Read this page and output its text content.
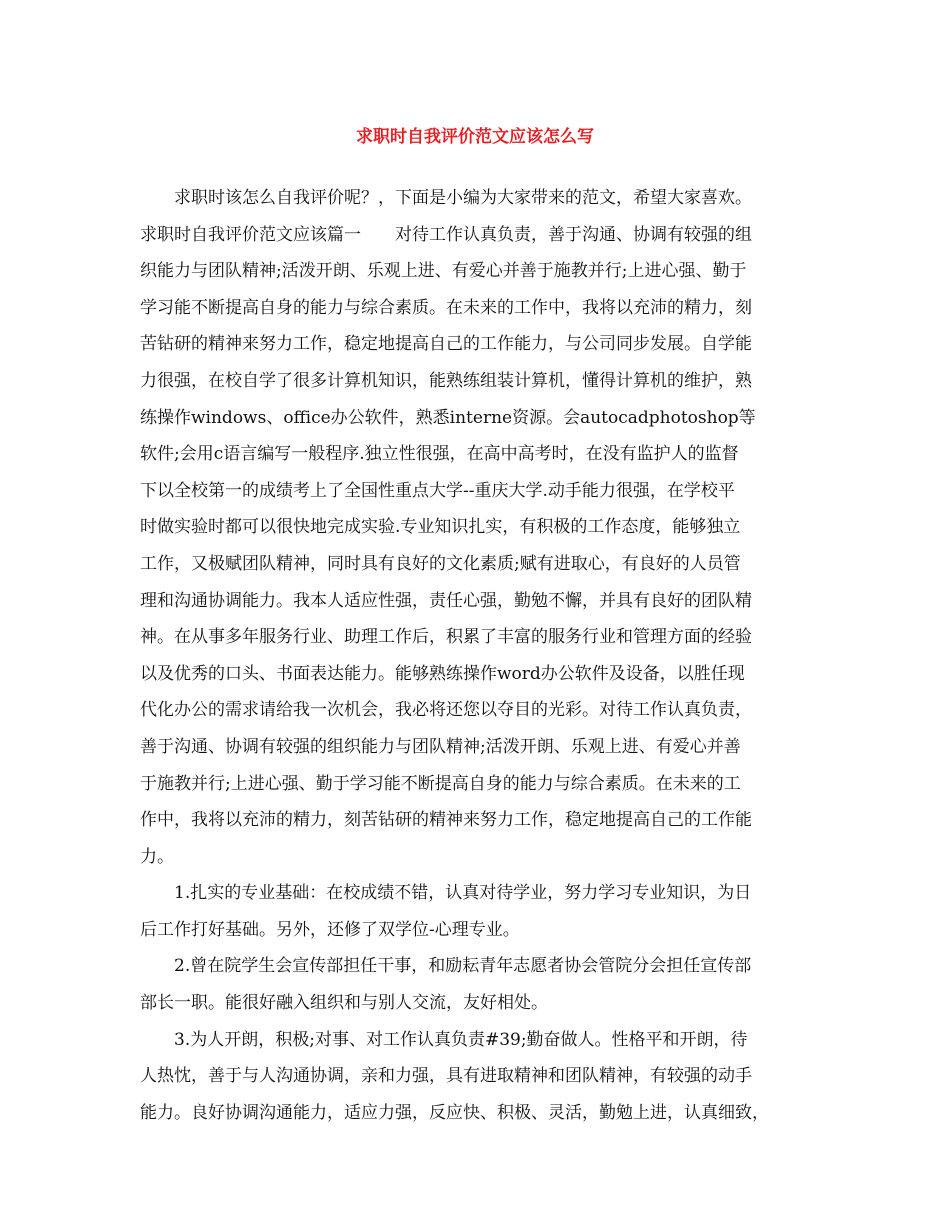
求职时自我评价范文应该怎么写
　　求职时该怎么自我评价呢？，下面是小编为大家带来的范文，希望大家喜欢。
求职时自我评价范文应该篇一　　对待工作认真负责，善于沟通、协调有较强的组
织能力与团队精神;活泼开朗、乐观上进、有爱心并善于施教并行;上进心强、勤于
学习能不断提高自身的能力与综合素质。在未来的工作中，我将以充沛的精力，刻
苦钻研的精神来努力工作，稳定地提高自己的工作能力，与公司同步发展。自学能
力很强，在校自学了很多计算机知识，能熟练组装计算机，懂得计算机的维护，熟
练操作windows、office办公软件，熟悉interne资源。会autocadphotoshop等
软件;会用c语言编写一般程序.独立性很强，在高中高考时，在没有监护人的监督
下以全校第一的成绩考上了全国性重点大学--重庆大学.动手能力很强，在学校平
时做实验时都可以很快地完成实验.专业知识扎实，有积极的工作态度，能够独立
工作，又极赋团队精神，同时具有良好的文化素质;赋有进取心，有良好的人员管
理和沟通协调能力。我本人适应性强，责任心强，勤勉不懈，并具有良好的团队精
神。在从事多年服务行业、助理工作后，积累了丰富的服务行业和管理方面的经验
以及优秀的口头、书面表达能力。能够熟练操作word办公软件及设备，以胜任现
代化办公的需求请给我一次机会，我必将还您以夺目的光彩。对待工作认真负责，
善于沟通、协调有较强的组织能力与团队精神;活泼开朗、乐观上进、有爱心并善
于施教并行;上进心强、勤于学习能不断提高自身的能力与综合素质。在未来的工
作中，我将以充沛的精力，刻苦钻研的精神来努力工作，稳定地提高自己的工作能
力。
　　1.扎实的专业基础：在校成绩不错，认真对待学业，努力学习专业知识，为日
后工作打好基础。另外，还修了双学位-心理专业。
　　2.曾在院学生会宣传部担任干事，和励耘青年志愿者协会管院分会担任宣传部
部长一职。能很好融入组织和与别人交流，友好相处。
　　3.为人开朗，积极;对事、对工作认真负责#39;勤奋做人。性格平和开朗，待
人热忱，善于与人沟通协调，亲和力强，具有进取精神和团队精神，有较强的动手
能力。良好协调沟通能力，适应力强，反应快、积极、灵活，勤勉上进，认真细致，
